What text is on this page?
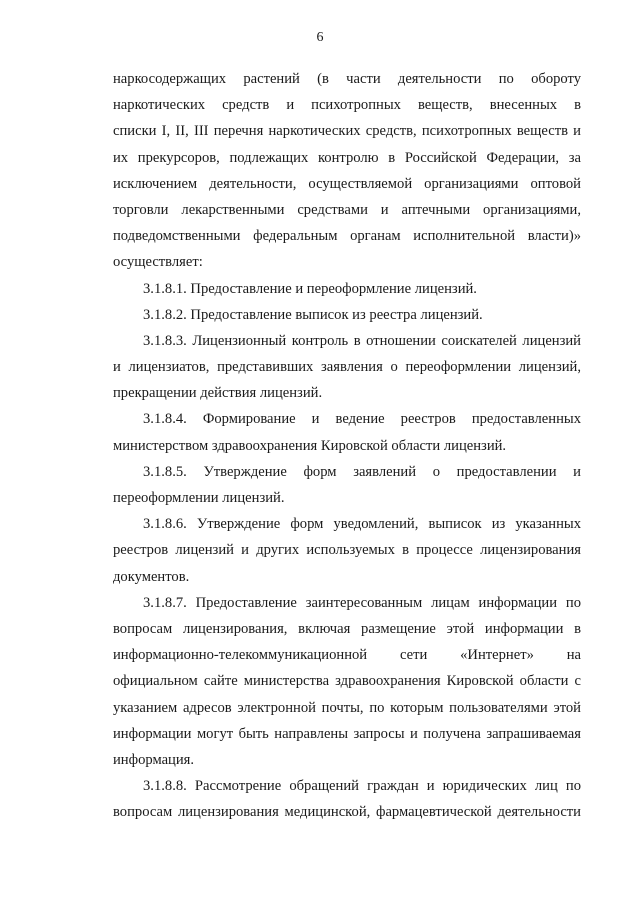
6
наркосодержащих растений (в части деятельности по обороту
наркотических средств и психотропных веществ, внесенных в
списки I, II, III перечня наркотических средств, психотропных веществ и
их прекурсоров, подлежащих контролю в Российской Федерации, за
исключением деятельности, осуществляемой организациями оптовой
торговли лекарственными средствами и аптечными организациями,
подведомственными федеральным органам исполнительной власти)»
осуществляет:
3.1.8.1. Предоставление и переоформление лицензий.
3.1.8.2. Предоставление выписок из реестра лицензий.
3.1.8.3. Лицензионный контроль в отношении соискателей лицензий
и лицензиатов, представивших заявления о переоформлении лицензий,
прекращении действия лицензий.
3.1.8.4. Формирование и ведение реестров предоставленных
министерством здравоохранения Кировской области лицензий.
3.1.8.5. Утверждение форм заявлений о предоставлении и
переоформлении лицензий.
3.1.8.6. Утверждение форм уведомлений, выписок из указанных
реестров лицензий и других используемых в процессе лицензирования
документов.
3.1.8.7. Предоставление заинтересованным лицам информации по
вопросам лицензирования, включая размещение этой информации в
информационно-телекоммуникационной сети «Интернет» на
официальном сайте министерства здравоохранения Кировской области с
указанием адресов электронной почты, по которым пользователями этой
информации могут быть направлены запросы и получена запрашиваемая
информация.
3.1.8.8. Рассмотрение обращений граждан и юридических лиц по
вопросам лицензирования медицинской, фармацевтической деятельности
